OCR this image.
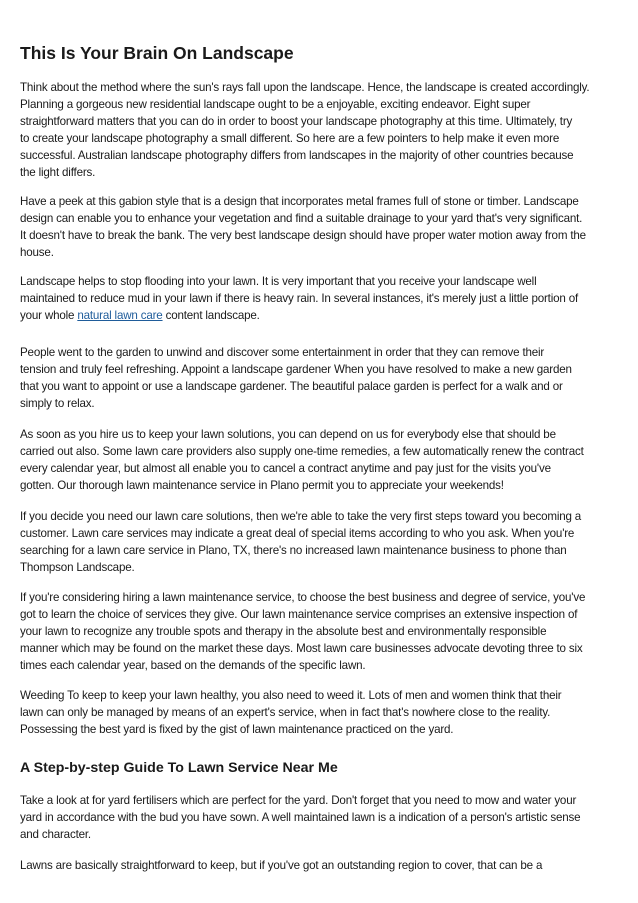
This Is Your Brain On Landscape
Think about the method where the sun's rays fall upon the landscape. Hence, the landscape is created accordingly.
Planning a gorgeous new residential landscape ought to be a enjoyable, exciting endeavor. Eight super
straightforward matters that you can do in order to boost your landscape photography at this time. Ultimately, try
to create your landscape photography a small different. So here are a few pointers to help make it even more
successful. Australian landscape photography differs from landscapes in the majority of other countries because
the light differs.
Have a peek at this gabion style that is a design that incorporates metal frames full of stone or timber. Landscape
design can enable you to enhance your vegetation and find a suitable drainage to your yard that's very significant.
It doesn't have to break the bank. The very best landscape design should have proper water motion away from the
house.
Landscape helps to stop flooding into your lawn. It is very important that you receive your landscape well
maintained to reduce mud in your lawn if there is heavy rain. In several instances, it's merely just a little portion of
your whole natural lawn care content landscape.
People went to the garden to unwind and discover some entertainment in order that they can remove their
tension and truly feel refreshing. Appoint a landscape gardener When you have resolved to make a new garden
that you want to appoint or use a landscape gardener. The beautiful palace garden is perfect for a walk and or
simply to relax.
As soon as you hire us to keep your lawn solutions, you can depend on us for everybody else that should be
carried out also. Some lawn care providers also supply one-time remedies, a few automatically renew the contract
every calendar year, but almost all enable you to cancel a contract anytime and pay just for the visits you've
gotten. Our thorough lawn maintenance service in Plano permit you to appreciate your weekends!
If you decide you need our lawn care solutions, then we're able to take the very first steps toward you becoming a
customer. Lawn care services may indicate a great deal of special items according to who you ask. When you're
searching for a lawn care service in Plano, TX, there's no increased lawn maintenance business to phone than
Thompson Landscape.
If you're considering hiring a lawn maintenance service, to choose the best business and degree of service, you've
got to learn the choice of services they give. Our lawn maintenance service comprises an extensive inspection of
your lawn to recognize any trouble spots and therapy in the absolute best and environmentally responsible
manner which may be found on the market these days. Most lawn care businesses advocate devoting three to six
times each calendar year, based on the demands of the specific lawn.
Weeding To keep to keep your lawn healthy, you also need to weed it. Lots of men and women think that their
lawn can only be managed by means of an expert's service, when in fact that's nowhere close to the reality.
Possessing the best yard is fixed by the gist of lawn maintenance practiced on the yard.
A Step-by-step Guide To Lawn Service Near Me
Take a look at for yard fertilisers which are perfect for the yard. Don't forget that you need to mow and water your
yard in accordance with the bud you have sown. A well maintained lawn is a indication of a person's artistic sense
and character.
Lawns are basically straightforward to keep, but if you've got an outstanding region to cover, that can be a
